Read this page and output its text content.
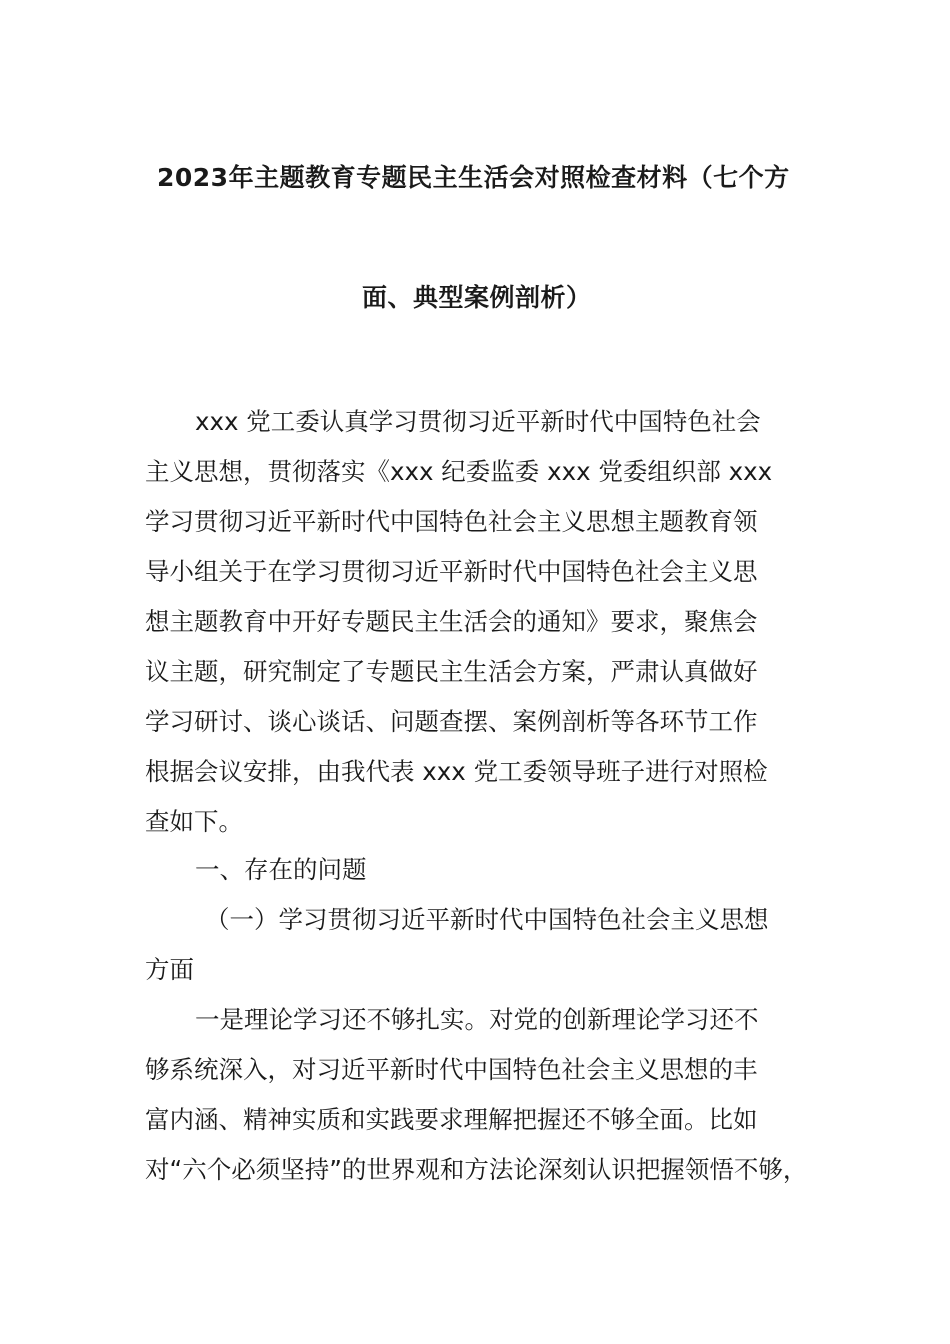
2023年主题教育专题民主生活会对照检查材料（七个方
面、典型案例剖析）
xxx 党工委认真学习贯彻习近平新时代中国特色社会
主义思想，贯彻落实《xxx 纪委监委 xxx 党委组织部 xxx
学习贯彻习近平新时代中国特色社会主义思想主题教育领
导小组关于在学习贯彻习近平新时代中国特色社会主义思
想主题教育中开好专题民主生活会的通知》要求，聚焦会
议主题，研究制定了专题民主生活会方案，严肃认真做好
学习研讨、谈心谈话、问题查摆、案例剖析等各环节工作
根据会议安排，由我代表 xxx 党工委领导班子进行对照检
查如下。
一、存在的问题
（一）学习贯彻习近平新时代中国特色社会主义思想
方面
一是理论学习还不够扎实。对党的创新理论学习还不
够系统深入，对习近平新时代中国特色社会主义思想的丰
富内涵、精神实质和实践要求理解把握还不够全面。比如
对“六个必须坚持”的世界观和方法论深刻认识把握领悟不够，
